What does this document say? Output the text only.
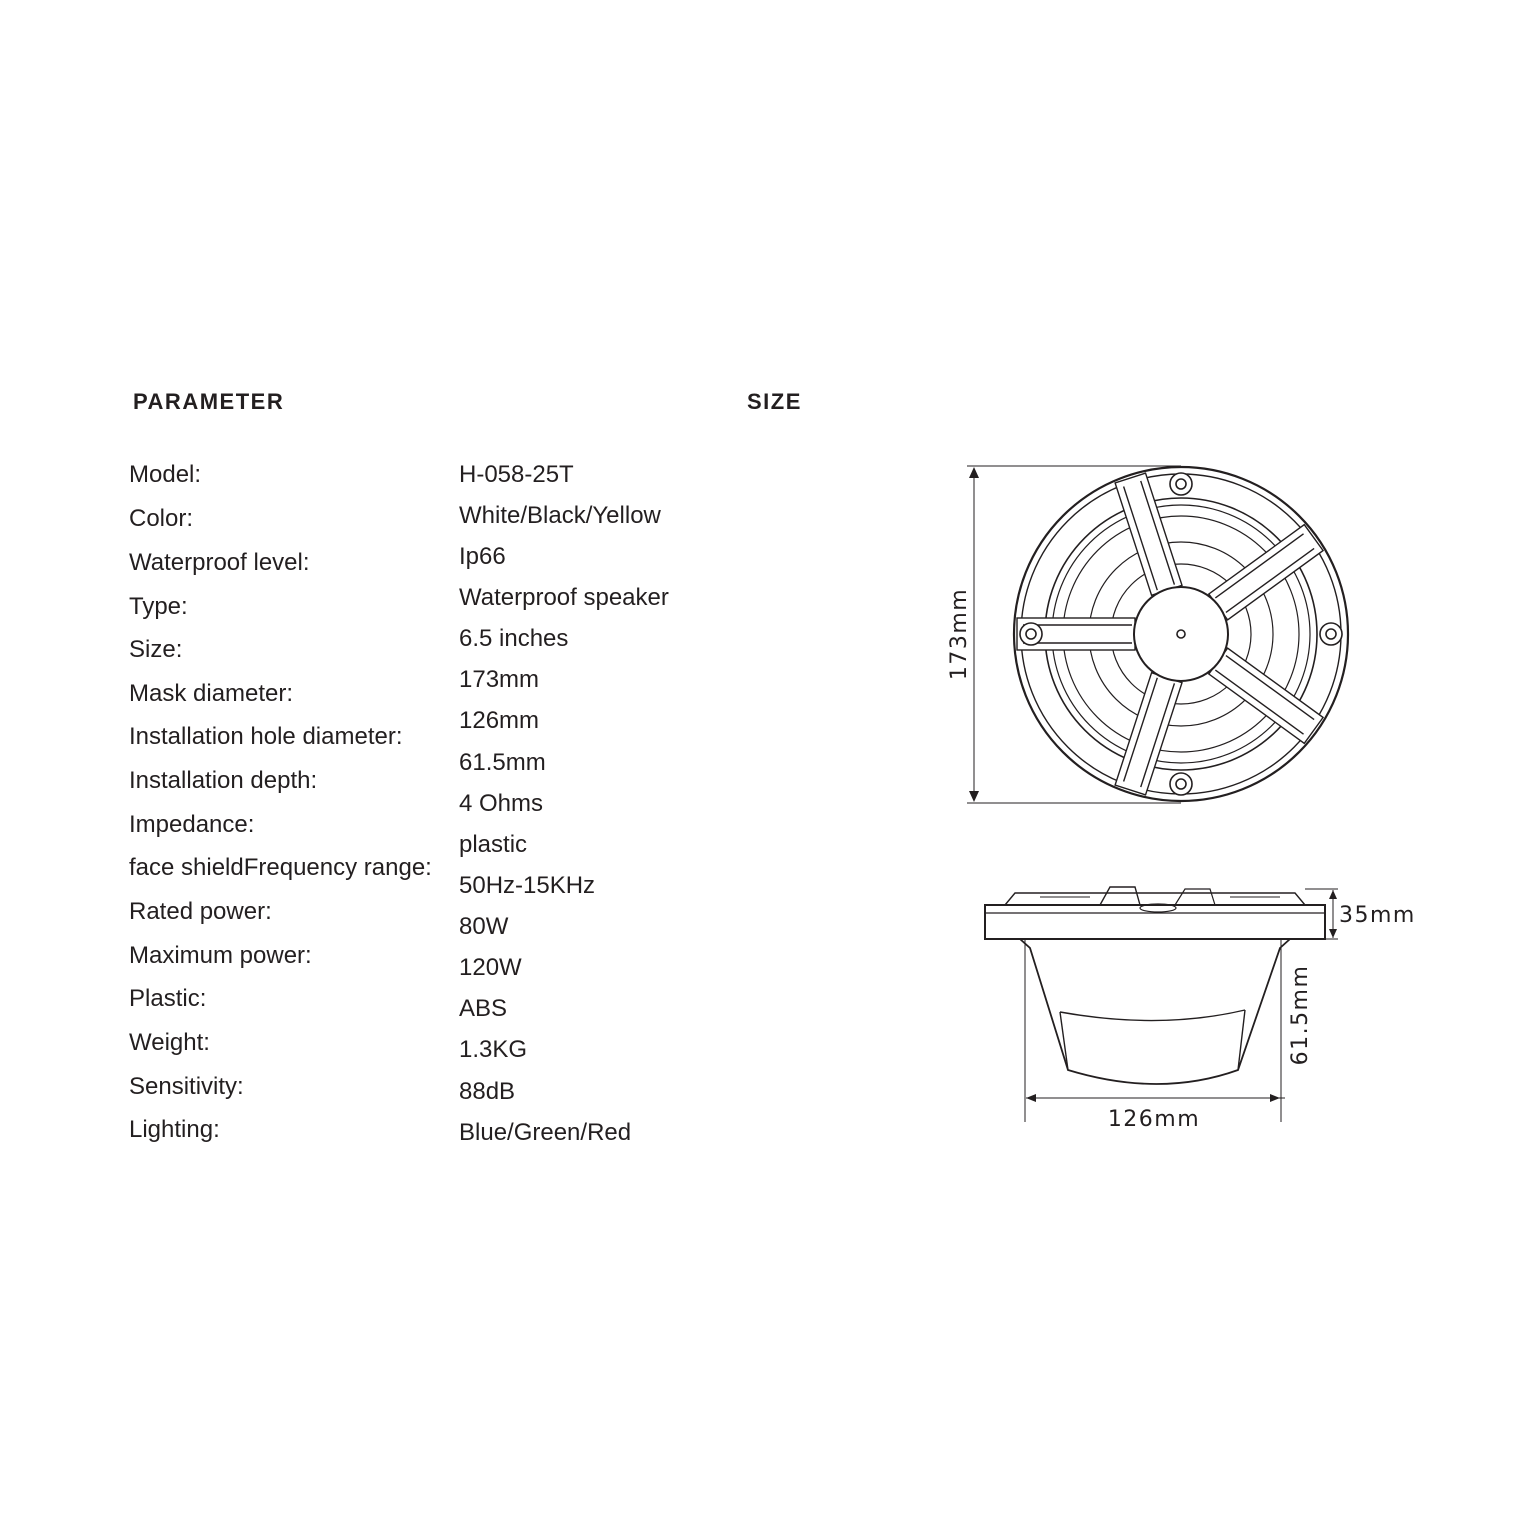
PARAMETER	SIZE
Model:
Color:
Waterproof level:
Type:
Size:
Mask diameter:
Installation hole diameter:
Installation depth:
Impedance:
face shieldFrequency range:
Rated power:
Maximum power:
Plastic:
Weight:
Sensitivity:
Lighting:
H-058-25T
White/Black/Yellow
Ip66
Waterproof speaker
6.5 inches
173mm
126mm
61.5mm
4 Ohms
plastic
50Hz-15KHz
80W
120W
ABS
1.3KG
88dB
Blue/Green/Red
173mm
35mm
61.5mm
126mm
